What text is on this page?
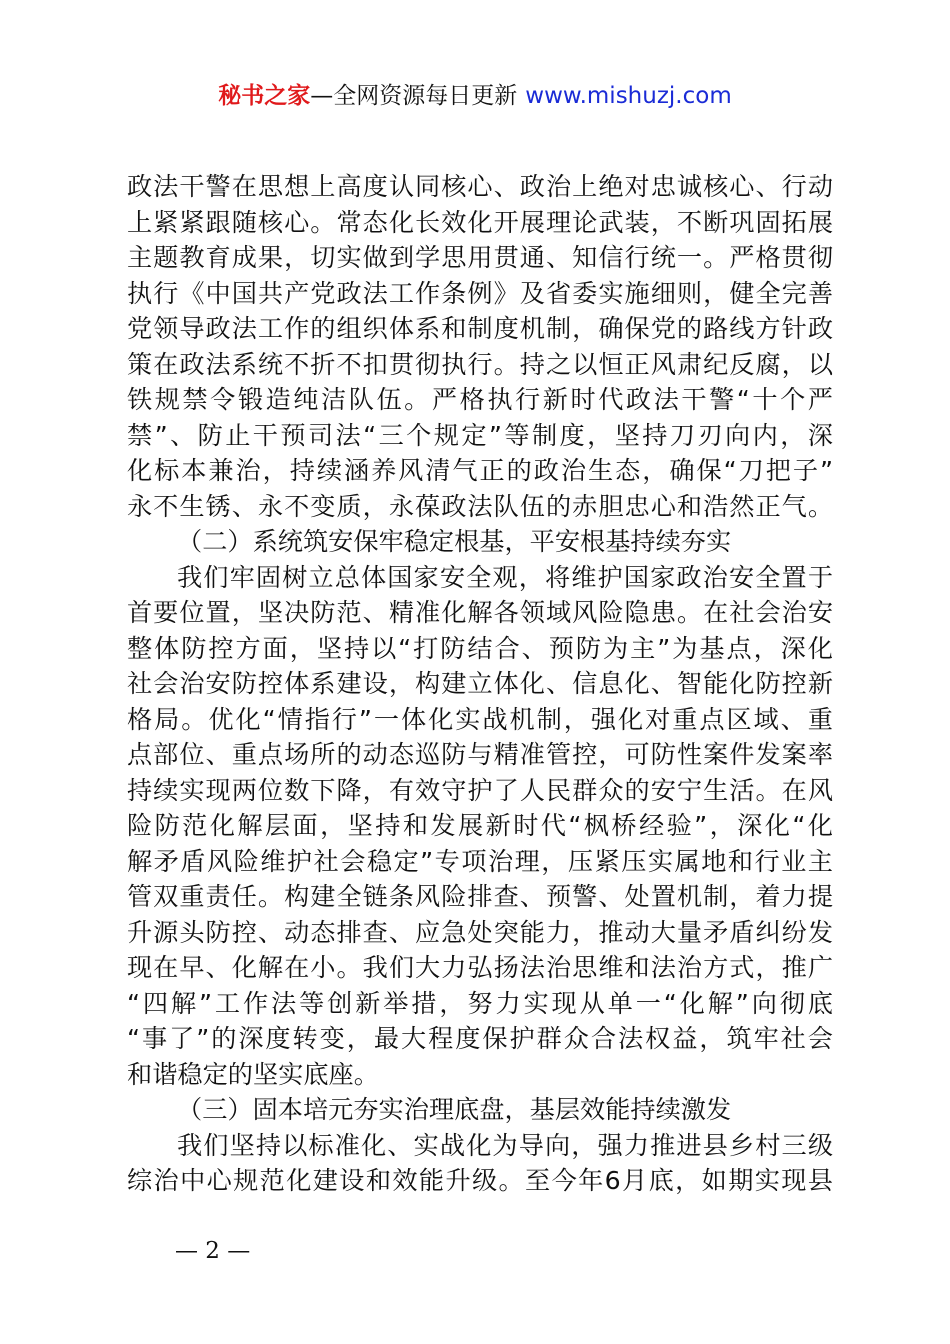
秘书之家—全网资源每日更新 www.mishuzj.com
政法干警在思想上高度认同核心、政治上绝对忠诚核心、行动
上紧紧跟随核心。常态化长效化开展理论武装，不断巩固拓展
主题教育成果，切实做到学思用贯通、知信行统一。严格贯彻
执行《中国共产党政法工作条例》及省委实施细则，健全完善
党领导政法工作的组织体系和制度机制，确保党的路线方针政
策在政法系统不折不扣贯彻执行。持之以恒正风肃纪反腐，以
铁规禁令锻造纯洁队伍。严格执行新时代政法干警“十个严
禁”、防止干预司法“三个规定”等制度，坚持刀刃向内，深
化标本兼治，持续涵养风清气正的政治生态，确保“刀把子”
永不生锈、永不变质，永葆政法队伍的赤胆忠心和浩然正气。
（二）系统筑安保牢稳定根基，平安根基持续夯实
我们牢固树立总体国家安全观，将维护国家政治安全置于
首要位置，坚决防范、精准化解各领域风险隐患。在社会治安
整体防控方面，坚持以“打防结合、预防为主”为基点，深化
社会治安防控体系建设，构建立体化、信息化、智能化防控新
格局。优化“情指行”一体化实战机制，强化对重点区域、重
点部位、重点场所的动态巡防与精准管控，可防性案件发案率
持续实现两位数下降，有效守护了人民群众的安宁生活。在风
险防范化解层面，坚持和发展新时代“枫桥经验”，深化“化
解矛盾风险维护社会稳定”专项治理，压紧压实属地和行业主
管双重责任。构建全链条风险排查、预警、处置机制，着力提
升源头防控、动态排查、应急处突能力，推动大量矛盾纠纷发
现在早、化解在小。我们大力弘扬法治思维和法治方式，推广
“四解”工作法等创新举措，努力实现从单一“化解”向彻底
“事了”的深度转变，最大程度保护群众合法权益，筑牢社会
和谐稳定的坚实底座。
（三）固本培元夯实治理底盘，基层效能持续激发
我们坚持以标准化、实战化为导向，强力推进县乡村三级
综治中心规范化建设和效能升级。至今年6月底，如期实现县
— 2 —
